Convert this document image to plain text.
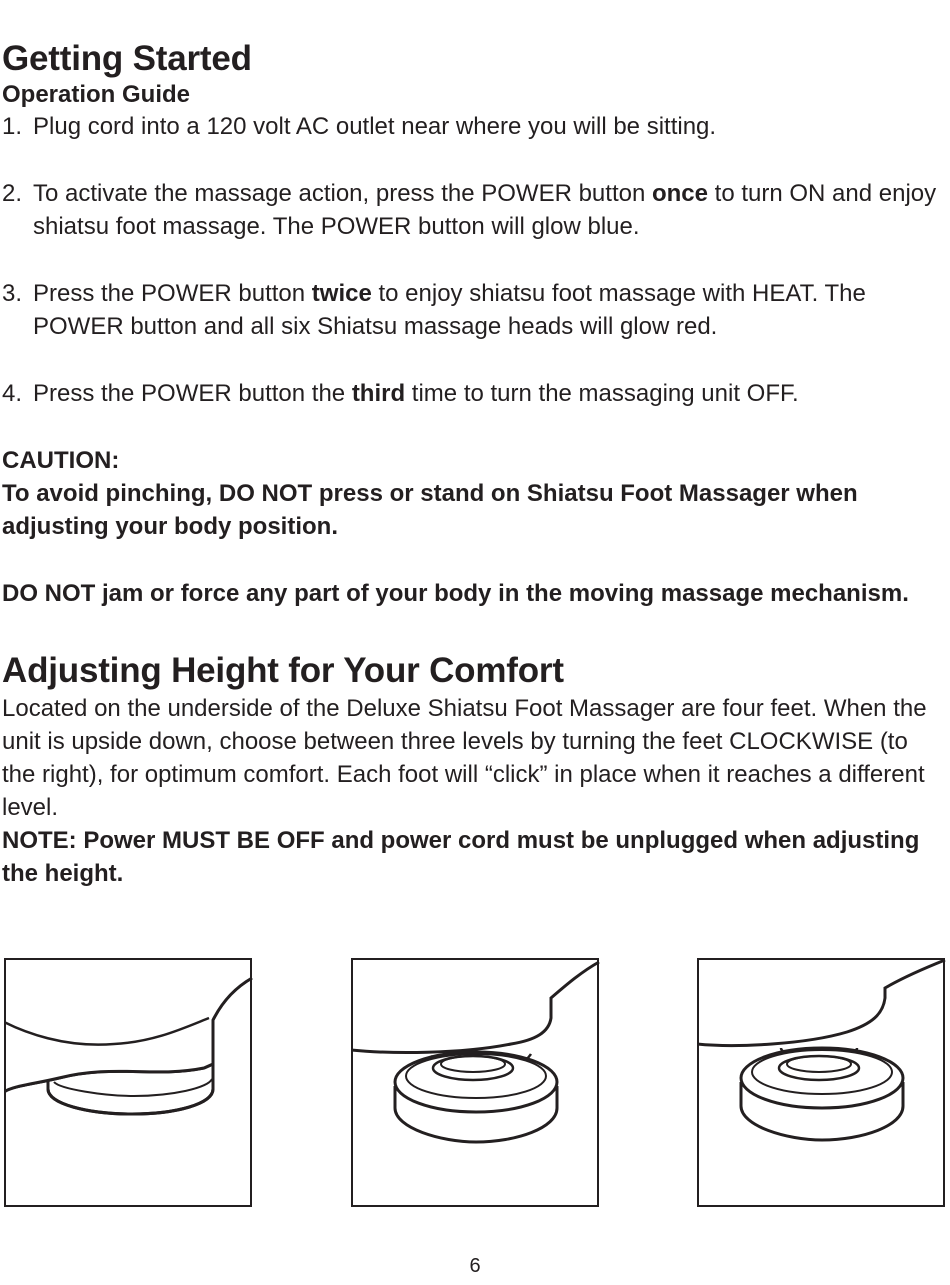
Getting Started
Operation Guide

1. Plug cord into a 120 volt AC outlet near where you will be sitting.

2. To activate the massage action, press the POWER button once to turn ON and enjoy shiatsu foot massage. The POWER button will glow blue.

3. Press the POWER button twice to enjoy shiatsu foot massage with HEAT. The POWER button and all six Shiatsu massage heads will glow red.

4. Press the POWER button the third time to turn the massaging unit OFF.

CAUTION:

To avoid pinching, DO NOT press or stand on Shiatsu Foot Massager when adjusting your body position.

DO NOT jam or force any part of your body in the moving massage mechanism.

Adjusting Height for Your Comfort

Located on the underside of the Deluxe Shiatsu Foot Massager are four feet. When the unit is upside down, choose between three levels by turning the feet CLOCKWISE (to the right), for optimum comfort. Each foot will “click” in place when it reaches a different level.

NOTE: Power MUST BE OFF and power cord must be unplugged when adjusting the height.

6
